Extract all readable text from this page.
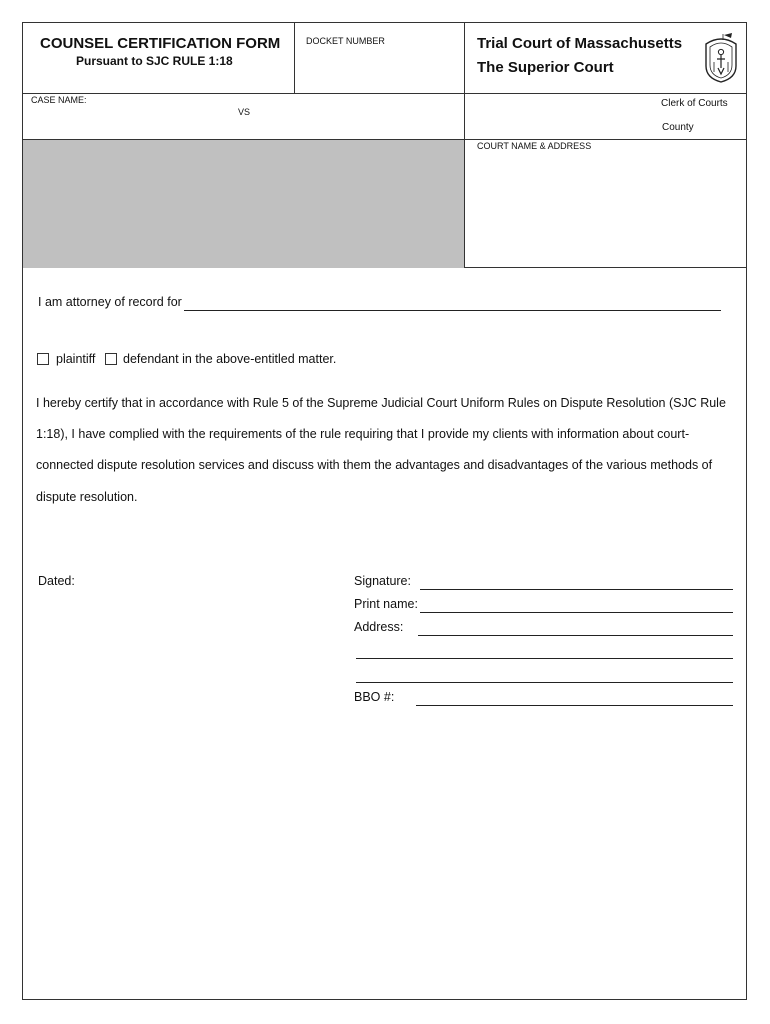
COUNSEL CERTIFICATION FORM
Pursuant to SJC RULE 1:18
DOCKET NUMBER	Trial Court of Massachusetts
The Superior Court
CASE NAME:
VS
Clerk of Courts
County
COURT NAME & ADDRESS
I am attorney of record for
plaintiff defendant in the above-entitled matter.
I hereby certify that in accordance with Rule 5 of the Supreme Judicial Court Uniform Rules on Dispute Resolution (SJC Rule
1:18), I have complied with the requirements of the rule requiring that I provide my clients with information about court-
connected dispute resolution services and discuss with them the advantages and disadvantages of the various methods of
dispute resolution.
Dated:	Signature:
Print name:
Address:
BBO #:
